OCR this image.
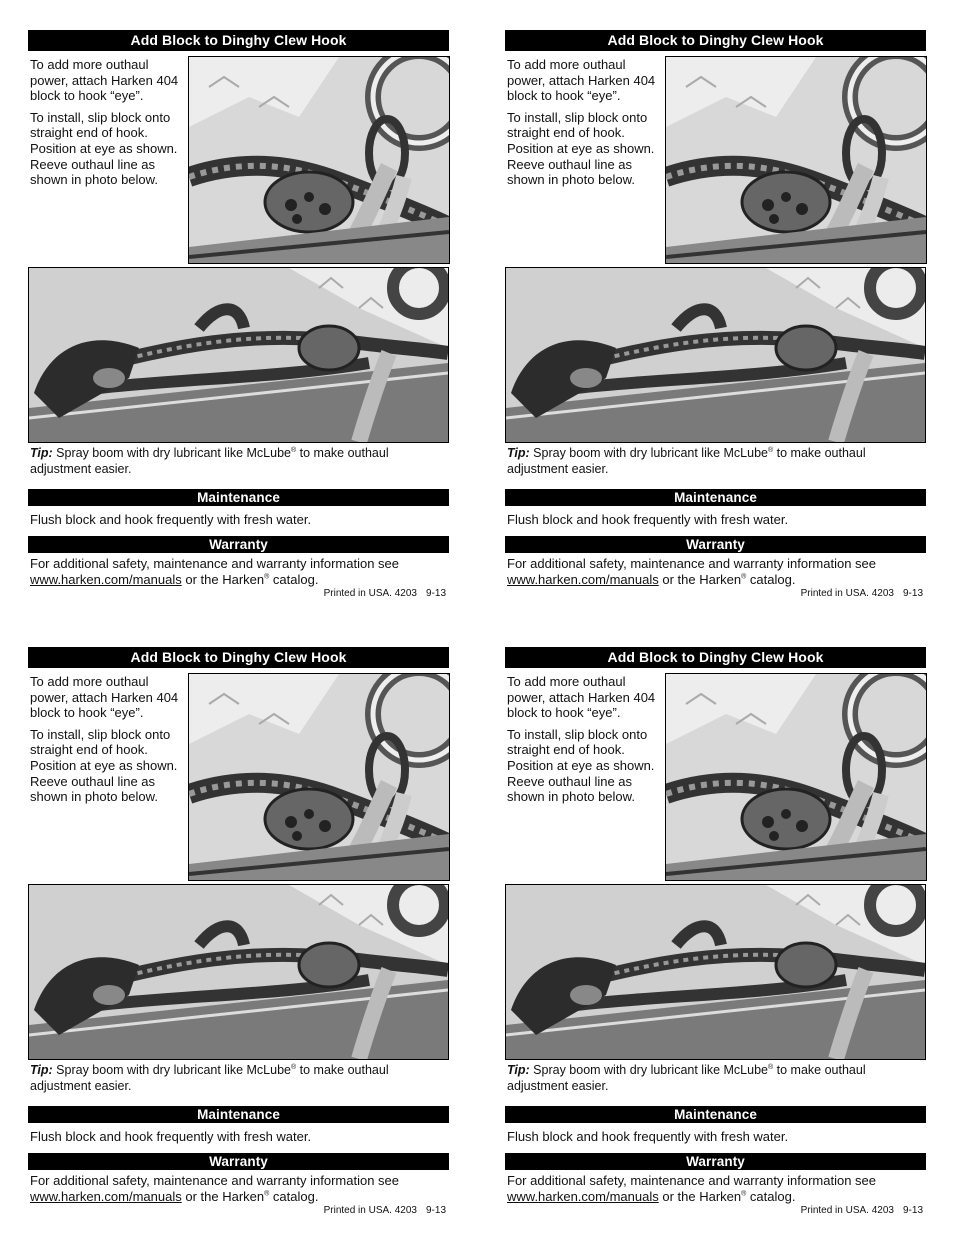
Add Block to Dinghy Clew Hook

To add more outhaul power, attach Harken 404 block to hook “eye”.

To install, slip block onto straight end of hook. Position at eye as shown. Reeve outhaul line as shown in photo below.

Tip: Spray boom with dry lubricant like McLube® to make outhaul adjustment easier.
Maintenance
Flush block and hook frequently with fresh water.
Warranty
For additional safety, maintenance and warranty information see www.harken.com/manuals or the Harken® catalog.
Printed in USA. 4203 9-13
Add Block to Dinghy Clew Hook

To add more outhaul power, attach Harken 404 block to hook “eye”.

To install, slip block onto straight end of hook. Position at eye as shown. Reeve outhaul line as shown in photo below.

Tip: Spray boom with dry lubricant like McLube® to make outhaul adjustment easier.
Maintenance
Flush block and hook frequently with fresh water.
Warranty
For additional safety, maintenance and warranty information see www.harken.com/manuals or the Harken® catalog.
Printed in USA. 4203 9-13
Add Block to Dinghy Clew Hook

To add more outhaul power, attach Harken 404 block to hook “eye”.

To install, slip block onto straight end of hook. Position at eye as shown. Reeve outhaul line as shown in photo below.

Tip: Spray boom with dry lubricant like McLube® to make outhaul adjustment easier.
Maintenance
Flush block and hook frequently with fresh water.
Warranty
For additional safety, maintenance and warranty information see www.harken.com/manuals or the Harken® catalog.
Printed in USA. 4203 9-13
Add Block to Dinghy Clew Hook

To add more outhaul power, attach Harken 404 block to hook “eye”.

To install, slip block onto straight end of hook. Position at eye as shown. Reeve outhaul line as shown in photo below.

Tip: Spray boom with dry lubricant like McLube® to make outhaul adjustment easier.
Maintenance
Flush block and hook frequently with fresh water.
Warranty
For additional safety, maintenance and warranty information see www.harken.com/manuals or the Harken® catalog.
Printed in USA. 4203 9-13
